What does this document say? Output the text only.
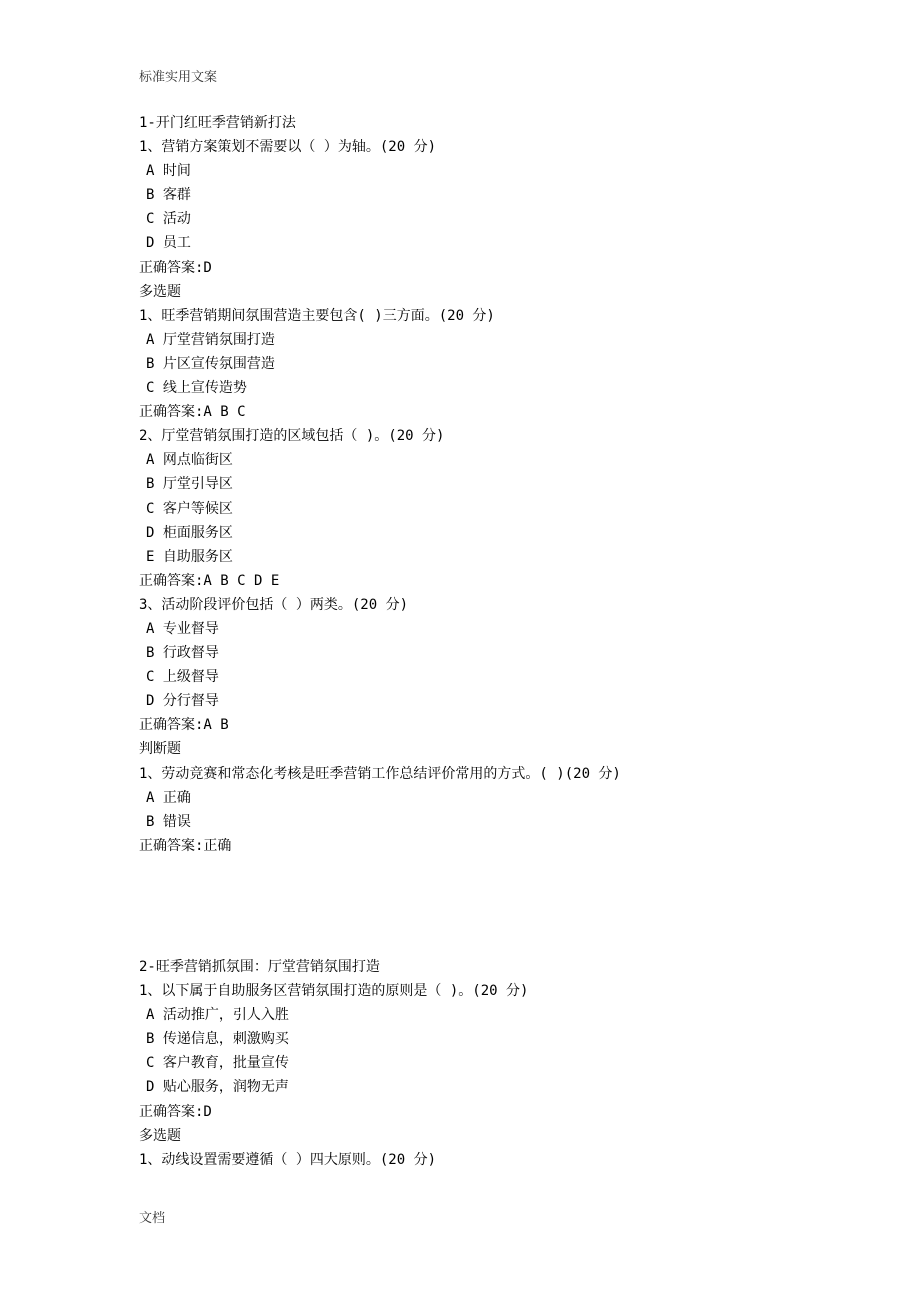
标准实用文案
1-开门红旺季营销新打法
1、营销方案策划不需要以（ ）为轴。(20 分)
A 时间
B 客群
C 活动
D 员工
正确答案:D
多选题
1、旺季营销期间氛围营造主要包含( )三方面。(20 分)
A 厅堂营销氛围打造
B 片区宣传氛围营造
C 线上宣传造势
正确答案:A B C
2、厅堂营销氛围打造的区域包括（ )。(20 分)
A 网点临街区
B 厅堂引导区
C 客户等候区
D 柜面服务区
E 自助服务区
正确答案:A B C D E
3、活动阶段评价包括（ ）两类。(20 分)
A 专业督导
B 行政督导
C 上级督导
D 分行督导
正确答案:A B
判断题
1、劳动竞赛和常态化考核是旺季营销工作总结评价常用的方式。( )(20 分)
A 正确
B 错误
正确答案:正确
2-旺季营销抓氛围：厅堂营销氛围打造
1、以下属于自助服务区营销氛围打造的原则是（ )。(20 分)
A 活动推广，引人入胜
B 传递信息，刺激购买
C 客户教育，批量宣传
D 贴心服务，润物无声
正确答案:D
多选题
1、动线设置需要遵循（ ）四大原则。(20 分)
文档
